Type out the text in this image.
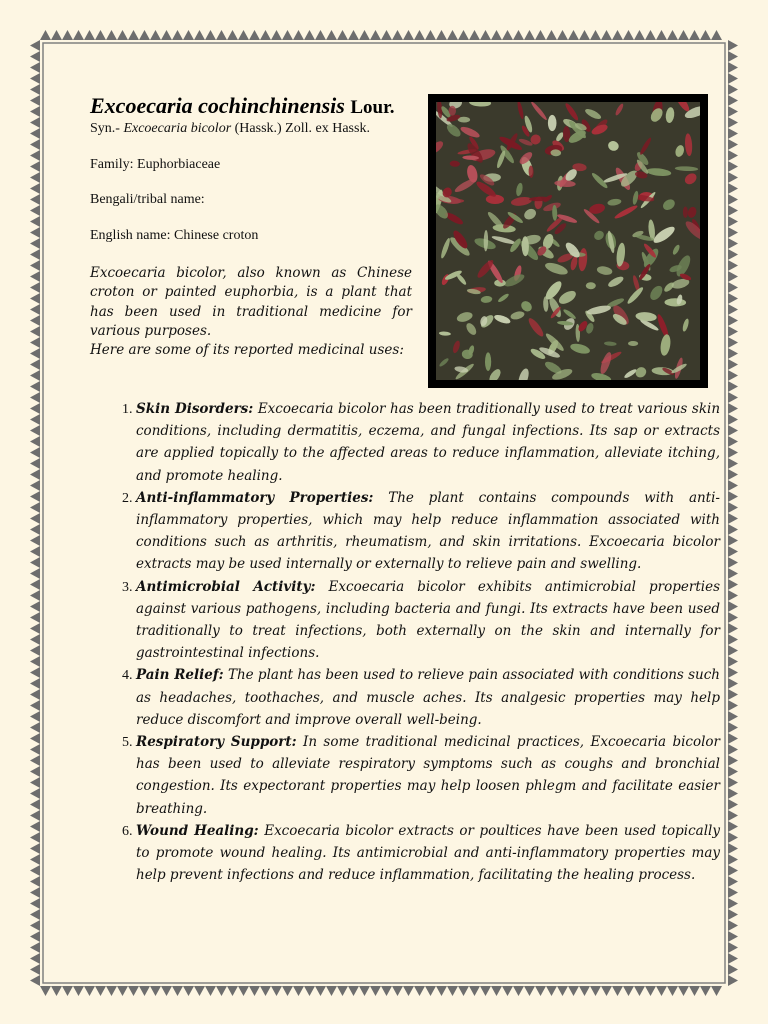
Excoecaria cochinchinensis Lour.
Syn.- Excoecaria bicolor (Hassk.) Zoll. ex Hassk.
Family: Euphorbiaceae
Bengali/tribal name:
English name: Chinese croton
Excoecaria bicolor, also known as Chinese croton or painted euphorbia, is a plant that has been used in traditional medicine for various purposes.
Here are some of its reported medicinal uses:
1. Skin Disorders: Excoecaria bicolor has been traditionally used to treat various skin conditions, including dermatitis, eczema, and fungal infections. Its sap or extracts are applied topically to the affected areas to reduce inflammation, alleviate itching, and promote healing.
2. Anti-inflammatory Properties: The plant contains compounds with anti-inflammatory properties, which may help reduce inflammation associated with conditions such as arthritis, rheumatism, and skin irritations. Excoecaria bicolor extracts may be used internally or externally to relieve pain and swelling.
3. Antimicrobial Activity: Excoecaria bicolor exhibits antimicrobial properties against various pathogens, including bacteria and fungi. Its extracts have been used traditionally to treat infections, both externally on the skin and internally for gastrointestinal infections.
4. Pain Relief: The plant has been used to relieve pain associated with conditions such as headaches, toothaches, and muscle aches. Its analgesic properties may help reduce discomfort and improve overall well-being.
5. Respiratory Support: In some traditional medicinal practices, Excoecaria bicolor has been used to alleviate respiratory symptoms such as coughs and bronchial congestion. Its expectorant properties may help loosen phlegm and facilitate easier breathing.
6. Wound Healing: Excoecaria bicolor extracts or poultices have been used topically to promote wound healing. Its antimicrobial and anti-inflammatory properties may help prevent infections and reduce inflammation, facilitating the healing process.
